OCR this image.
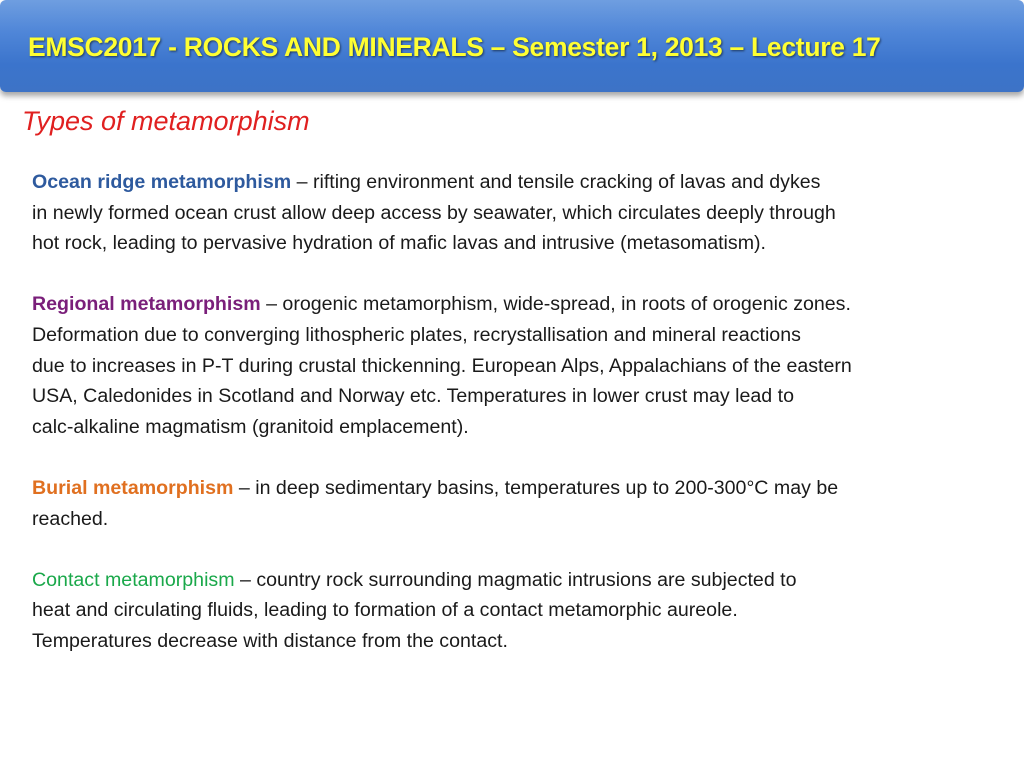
EMSC2017 - ROCKS AND MINERALS – Semester 1, 2013 – Lecture 17
Types of metamorphism

Ocean ridge metamorphism – rifting environment and tensile cracking of lavas and dykes
in newly formed ocean crust allow deep access by seawater, which circulates deeply through
hot rock, leading to pervasive hydration of mafic lavas and intrusive (metasomatism).

Regional metamorphism – orogenic metamorphism, wide-spread, in roots of orogenic zones.
Deformation due to converging lithospheric plates, recrystallisation and mineral reactions
due to increases in P-T during crustal thickenning. European Alps, Appalachians of the eastern
USA, Caledonides in Scotland and Norway etc. Temperatures in lower crust may lead to
calc-alkaline magmatism (granitoid emplacement).

Burial metamorphism – in deep sedimentary basins, temperatures up to 200-300°C may be
reached.

Contact metamorphism – country rock surrounding magmatic intrusions are subjected to
heat and circulating fluids, leading to formation of a contact metamorphic aureole.
Temperatures decrease with distance from the contact.
